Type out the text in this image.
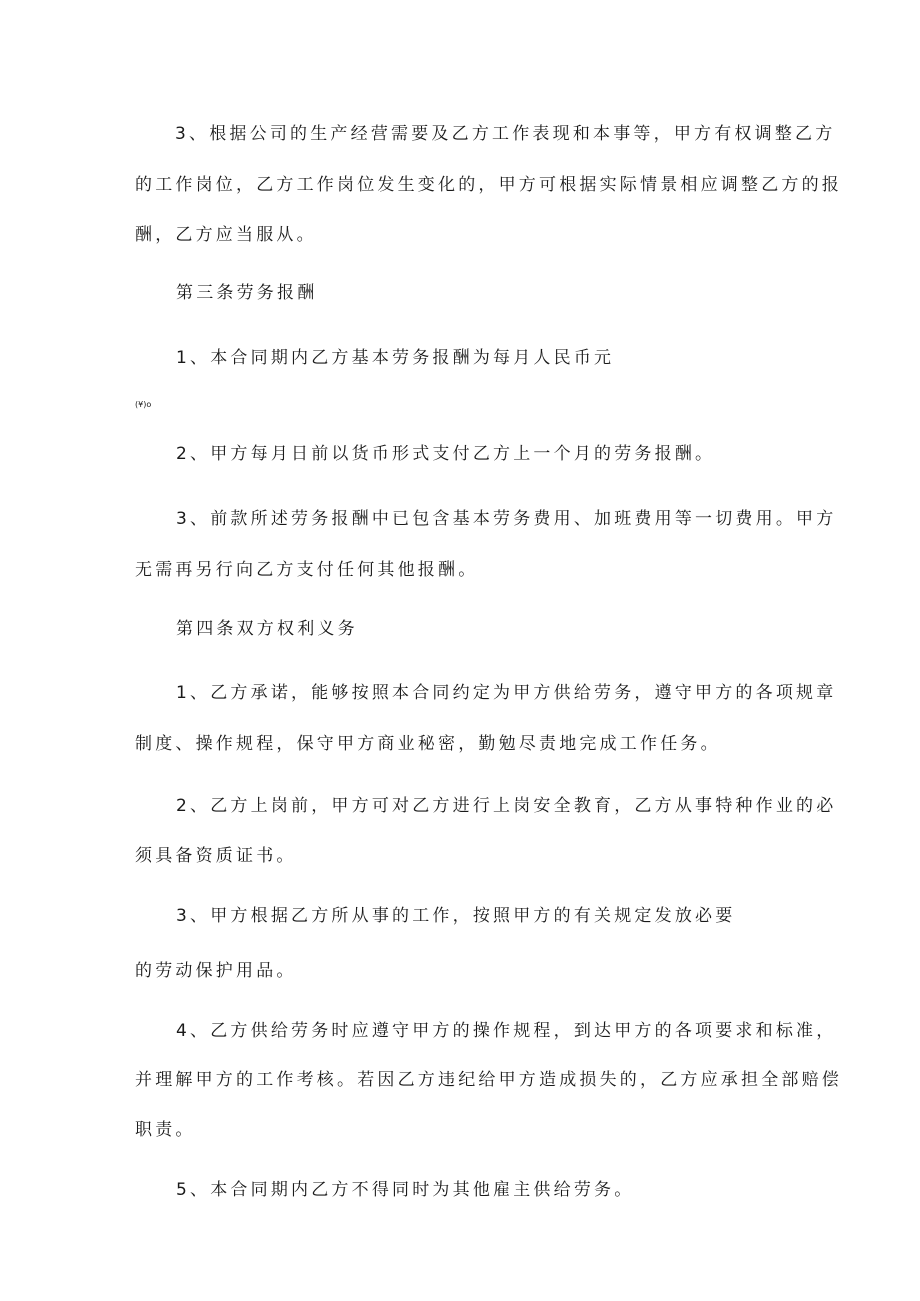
3、根据公司的生产经营需要及乙方工作表现和本事等，甲方有权调整乙方

的工作岗位，乙方工作岗位发生变化的，甲方可根据实际情景相应调整乙方的报

酬，乙方应当服从。

第三条劳务报酬

1、本合同期内乙方基本劳务报酬为每月人民币元

(¥)o

2、甲方每月日前以货币形式支付乙方上一个月的劳务报酬。

3、前款所述劳务报酬中已包含基本劳务费用、加班费用等一切费用。甲方

无需再另行向乙方支付任何其他报酬。

第四条双方权利义务

1、乙方承诺，能够按照本合同约定为甲方供给劳务，遵守甲方的各项规章

制度、操作规程，保守甲方商业秘密，勤勉尽责地完成工作任务。

2、乙方上岗前，甲方可对乙方进行上岗安全教育，乙方从事特种作业的必

须具备资质证书。

3、甲方根据乙方所从事的工作，按照甲方的有关规定发放必要

的劳动保护用品。

4、乙方供给劳务时应遵守甲方的操作规程，到达甲方的各项要求和标准，

并理解甲方的工作考核。若因乙方违纪给甲方造成损失的，乙方应承担全部赔偿

职责。

5、本合同期内乙方不得同时为其他雇主供给劳务。
